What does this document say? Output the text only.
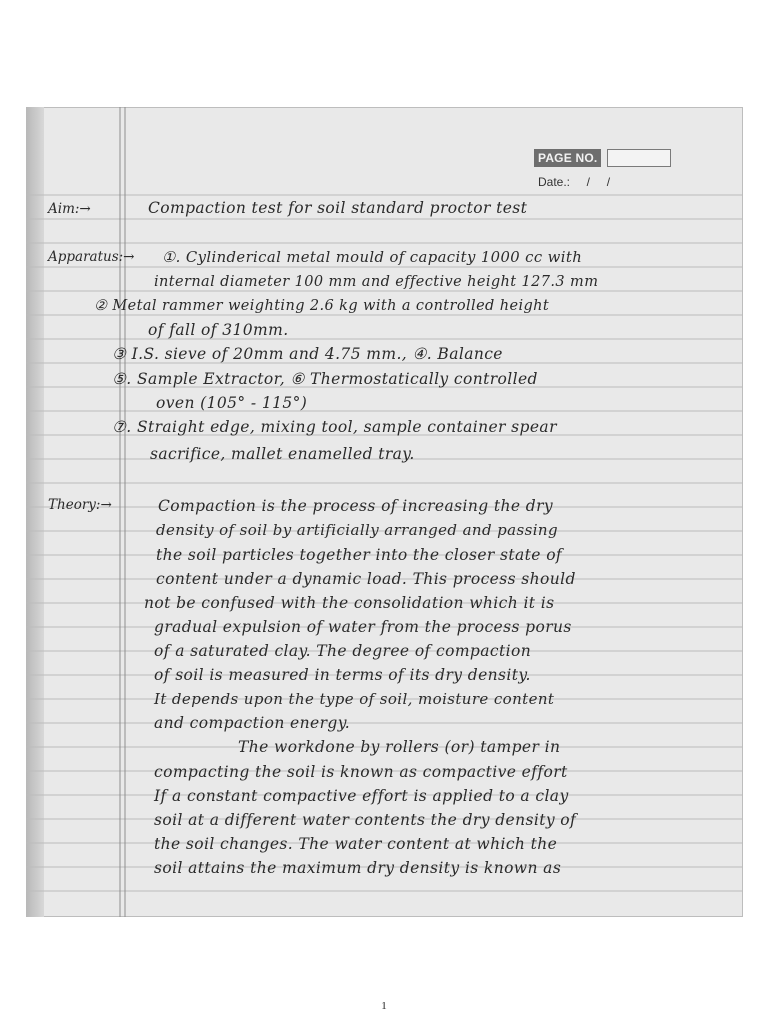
PAGE NO.
Date.:     /     /
Aim:→	Compaction test for soil standard proctor test
Apparatus:→ ①. Cylinderical metal mould of capacity 1000 cc with
internal diameter 100 mm and effective height 127.3 mm
② Metal rammer weighting 2.6 kg with a controlled height
of fall of 310mm.
③ I.S. sieve of 20mm and 4.75 mm., ④. Balance
⑤. Sample Extractor, ⑥ Thermostatically controlled
oven (105° - 115°)
⑦. Straight edge, mixing tool, sample container spear
sacrifice, mallet enamelled tray.
Theory:→	Compaction is the process of increasing the dry
density of soil by artificially arranged and passing
the soil particles together into the closer state of
content under a dynamic load. This process should
not be confused with the consolidation which it is
gradual expulsion of water from the process porus
of a saturated clay. The degree of compaction
of soil is measured in terms of its dry density.
It depends upon the type of soil, moisture content
and compaction energy.
The workdone by rollers (or) tamper in
compacting the soil is known as compactive effort
If a constant compactive effort is applied to a clay
soil at a different water contents the dry density of
the soil changes. The water content at which the
soil attains the maximum dry density is known as
1
